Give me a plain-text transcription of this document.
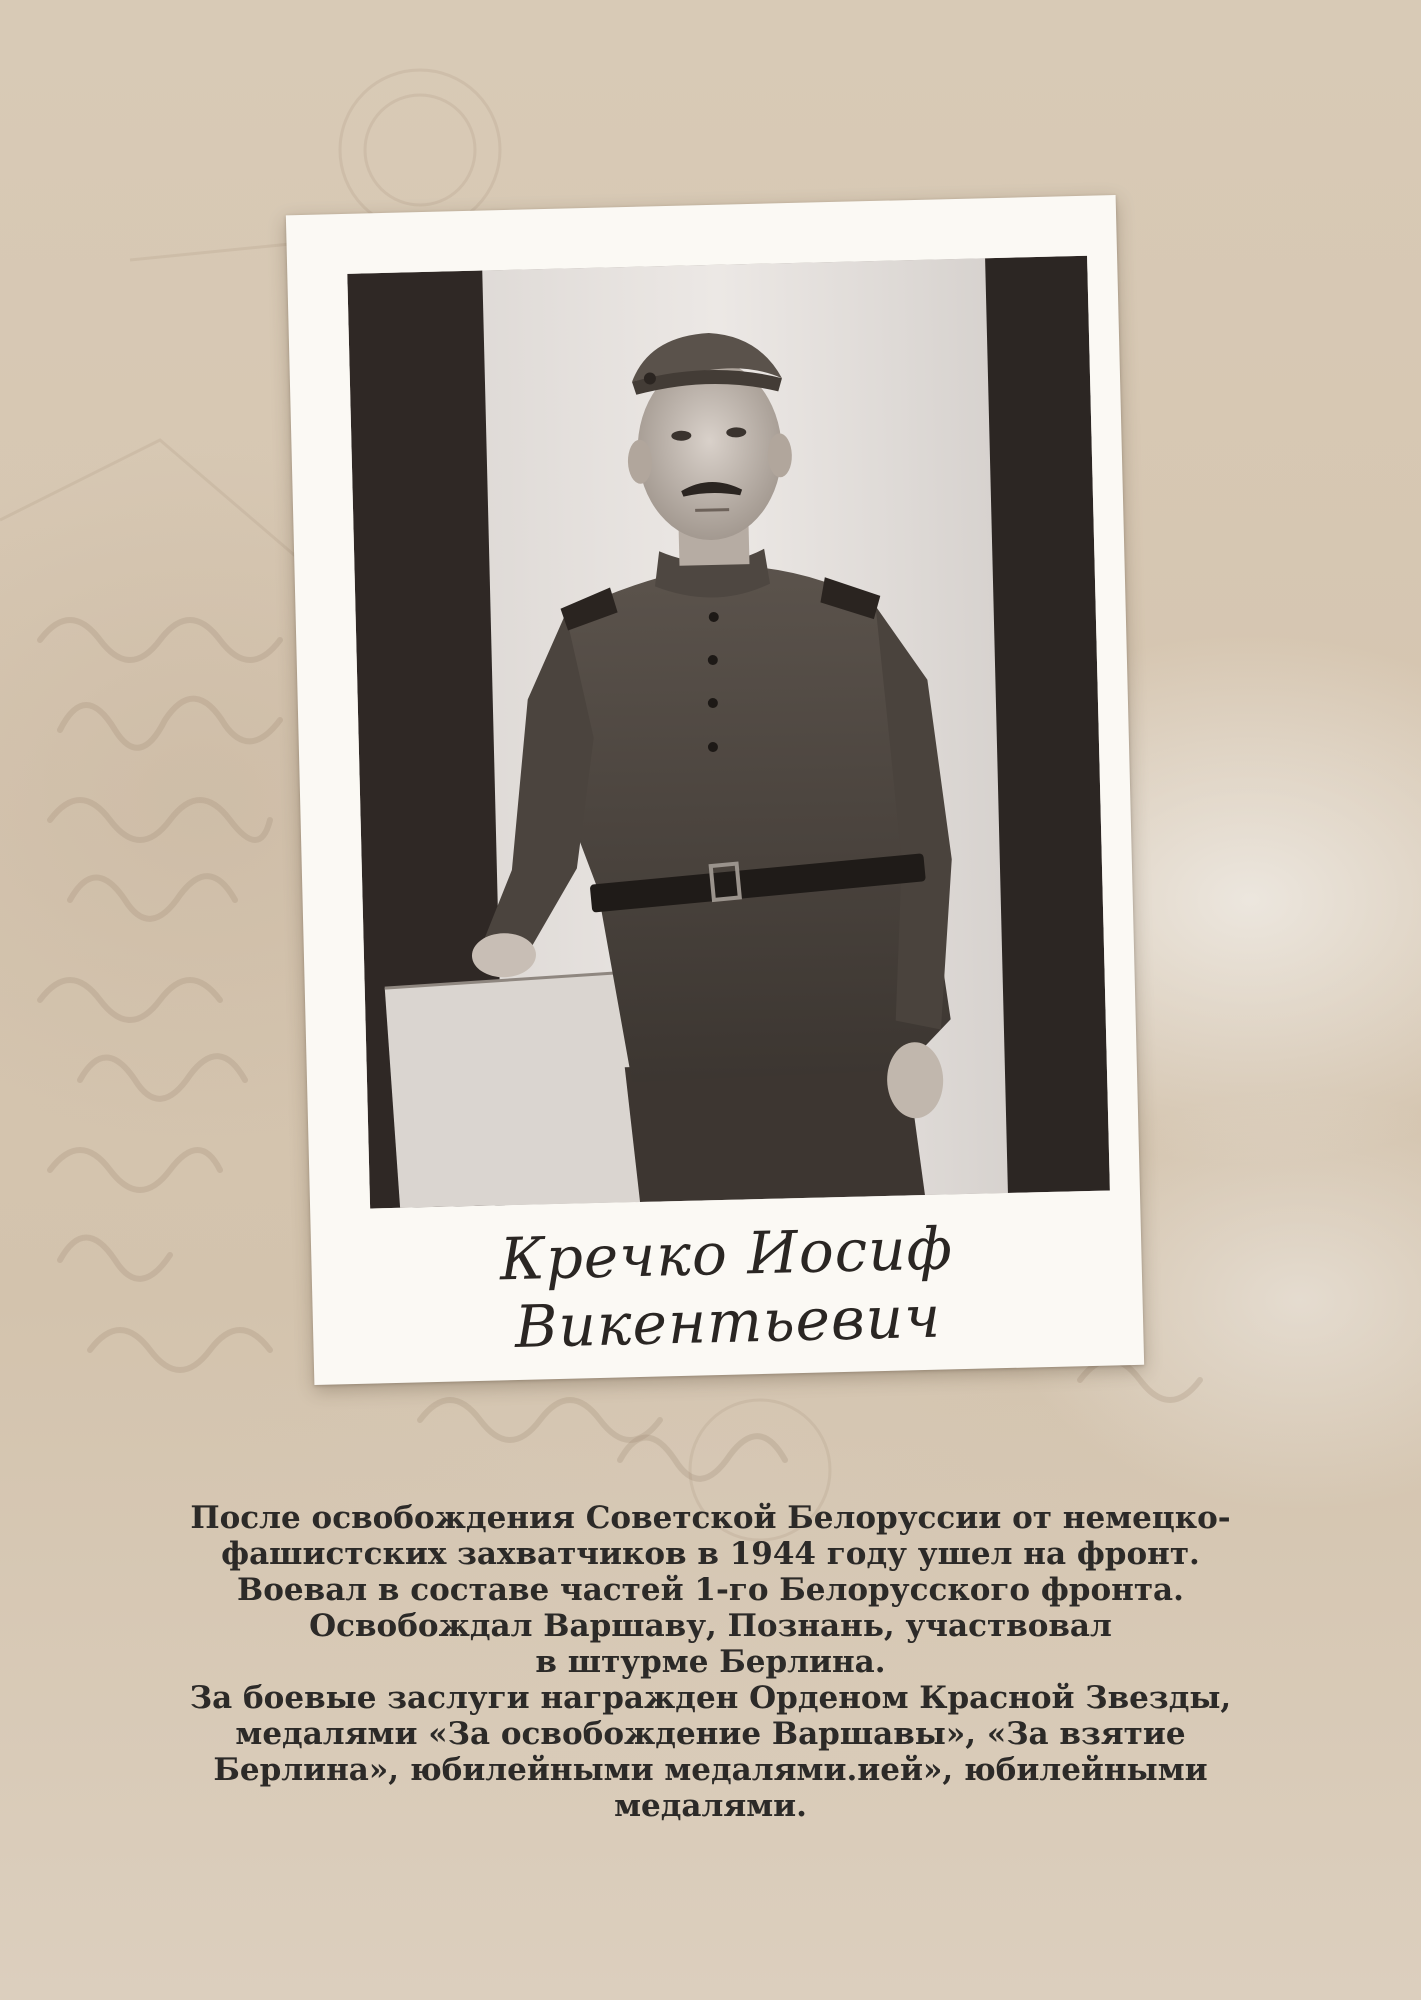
Кречко Иосиф
Викентьевич
После освобождения Советской Белоруссии от немецко-
фашистских захватчиков в 1944 году ушел на фронт.
Воевал в составе частей 1-го Белорусского фронта.
Освобождал Варшаву, Познань, участвовал
в штурме Берлина.
За боевые заслуги награжден Орденом Красной Звезды,
медалями «За освобождение Варшавы», «За взятие
Берлина», юбилейными медалями.ией», юбилейными
медалями.
